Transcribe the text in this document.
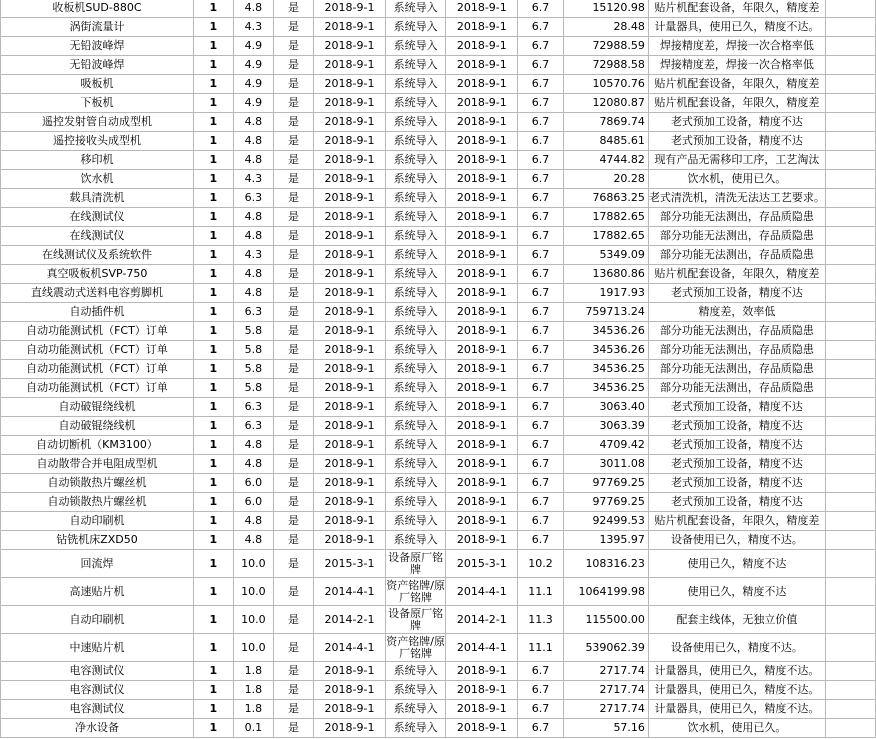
收板机SUD-880C	1	4.8	是	2018-9-1	系统导入	2018-9-1	6.7	15120.98	贴片机配套设备，年限久，精度差	
涡街流量计	1	4.3	是	2018-9-1	系统导入	2018-9-1	6.7	28.48	计量器具，使用已久，精度不达。	
无铅波峰焊	1	4.9	是	2018-9-1	系统导入	2018-9-1	6.7	72988.59	焊接精度差，焊接一次合格率低	
无铅波峰焊	1	4.9	是	2018-9-1	系统导入	2018-9-1	6.7	72988.58	焊接精度差，焊接一次合格率低	
吸板机	1	4.9	是	2018-9-1	系统导入	2018-9-1	6.7	10570.76	贴片机配套设备，年限久，精度差	
下板机	1	4.9	是	2018-9-1	系统导入	2018-9-1	6.7	12080.87	贴片机配套设备，年限久，精度差	
遥控发射管自动成型机	1	4.8	是	2018-9-1	系统导入	2018-9-1	6.7	7869.74	老式预加工设备，精度不达	
遥控接收头成型机	1	4.8	是	2018-9-1	系统导入	2018-9-1	6.7	8485.61	老式预加工设备，精度不达	
移印机	1	4.8	是	2018-9-1	系统导入	2018-9-1	6.7	4744.82	现有产品无需移印工序，工艺淘汰	
饮水机	1	4.3	是	2018-9-1	系统导入	2018-9-1	6.7	20.28	饮水机，使用已久。	
载具清洗机	1	6.3	是	2018-9-1	系统导入	2018-9-1	6.7	76863.25	老式清洗机，清洗无法达工艺要求。	
在线测试仪	1	4.8	是	2018-9-1	系统导入	2018-9-1	6.7	17882.65	部分功能无法测出，存品质隐患	
在线测试仪	1	4.8	是	2018-9-1	系统导入	2018-9-1	6.7	17882.65	部分功能无法测出，存品质隐患	
在线测试仪及系统软件	1	4.3	是	2018-9-1	系统导入	2018-9-1	6.7	5349.09	部分功能无法测出，存品质隐患	
真空吸板机SVP-750	1	4.8	是	2018-9-1	系统导入	2018-9-1	6.7	13680.86	贴片机配套设备，年限久，精度差	
直线震动式送料电容剪脚机	1	4.8	是	2018-9-1	系统导入	2018-9-1	6.7	1917.93	老式预加工设备，精度不达	
自动插件机	1	6.3	是	2018-9-1	系统导入	2018-9-1	6.7	759713.24	精度差，效率低	
自动功能测试机（FCT）订单	1	5.8	是	2018-9-1	系统导入	2018-9-1	6.7	34536.26	部分功能无法测出，存品质隐患	
自动功能测试机（FCT）订单	1	5.8	是	2018-9-1	系统导入	2018-9-1	6.7	34536.26	部分功能无法测出，存品质隐患	
自动功能测试机（FCT）订单	1	5.8	是	2018-9-1	系统导入	2018-9-1	6.7	34536.25	部分功能无法测出，存品质隐患	
自动功能测试机（FCT）订单	1	5.8	是	2018-9-1	系统导入	2018-9-1	6.7	34536.25	部分功能无法测出，存品质隐患	
自动破锟绕线机	1	6.3	是	2018-9-1	系统导入	2018-9-1	6.7	3063.40	老式预加工设备，精度不达	
自动破锟绕线机	1	6.3	是	2018-9-1	系统导入	2018-9-1	6.7	3063.39	老式预加工设备，精度不达	
自动切断机（KM3100）	1	4.8	是	2018-9-1	系统导入	2018-9-1	6.7	4709.42	老式预加工设备，精度不达	
自动散带合并电阻成型机	1	4.8	是	2018-9-1	系统导入	2018-9-1	6.7	3011.08	老式预加工设备，精度不达	
自动锁散热片螺丝机	1	6.0	是	2018-9-1	系统导入	2018-9-1	6.7	97769.25	老式预加工设备，精度不达	
自动锁散热片螺丝机	1	6.0	是	2018-9-1	系统导入	2018-9-1	6.7	97769.25	老式预加工设备，精度不达	
自动印刷机	1	4.8	是	2018-9-1	系统导入	2018-9-1	6.7	92499.53	贴片机配套设备，年限久，精度差	
钻铣机床ZXD50	1	4.8	是	2018-9-1	系统导入	2018-9-1	6.7	1395.97	设备使用已久，精度不达。	
回流焊	1	10.0	是	2015-3-1	设备原厂铭牌	2015-3-1	10.2	108316.23	使用已久，精度不达	
高速贴片机	1	10.0	是	2014-4-1	资产铭牌/原厂铭牌	2014-4-1	11.1	1064199.98	使用已久，精度不达	
自动印刷机	1	10.0	是	2014-2-1	设备原厂铭牌	2014-2-1	11.3	115500.00	配套主线体，无独立价值	
中速贴片机	1	10.0	是	2014-4-1	资产铭牌/原厂铭牌	2014-4-1	11.1	539062.39	设备使用已久，精度不达。	
电容测试仪	1	1.8	是	2018-9-1	系统导入	2018-9-1	6.7	2717.74	计量器具，使用已久，精度不达。	
电容测试仪	1	1.8	是	2018-9-1	系统导入	2018-9-1	6.7	2717.74	计量器具，使用已久，精度不达。	
电容测试仪	1	1.8	是	2018-9-1	系统导入	2018-9-1	6.7	2717.74	计量器具，使用已久，精度不达。	
净水设备	1	0.1	是	2018-9-1	系统导入	2018-9-1	6.7	57.16	饮水机，使用已久。	
